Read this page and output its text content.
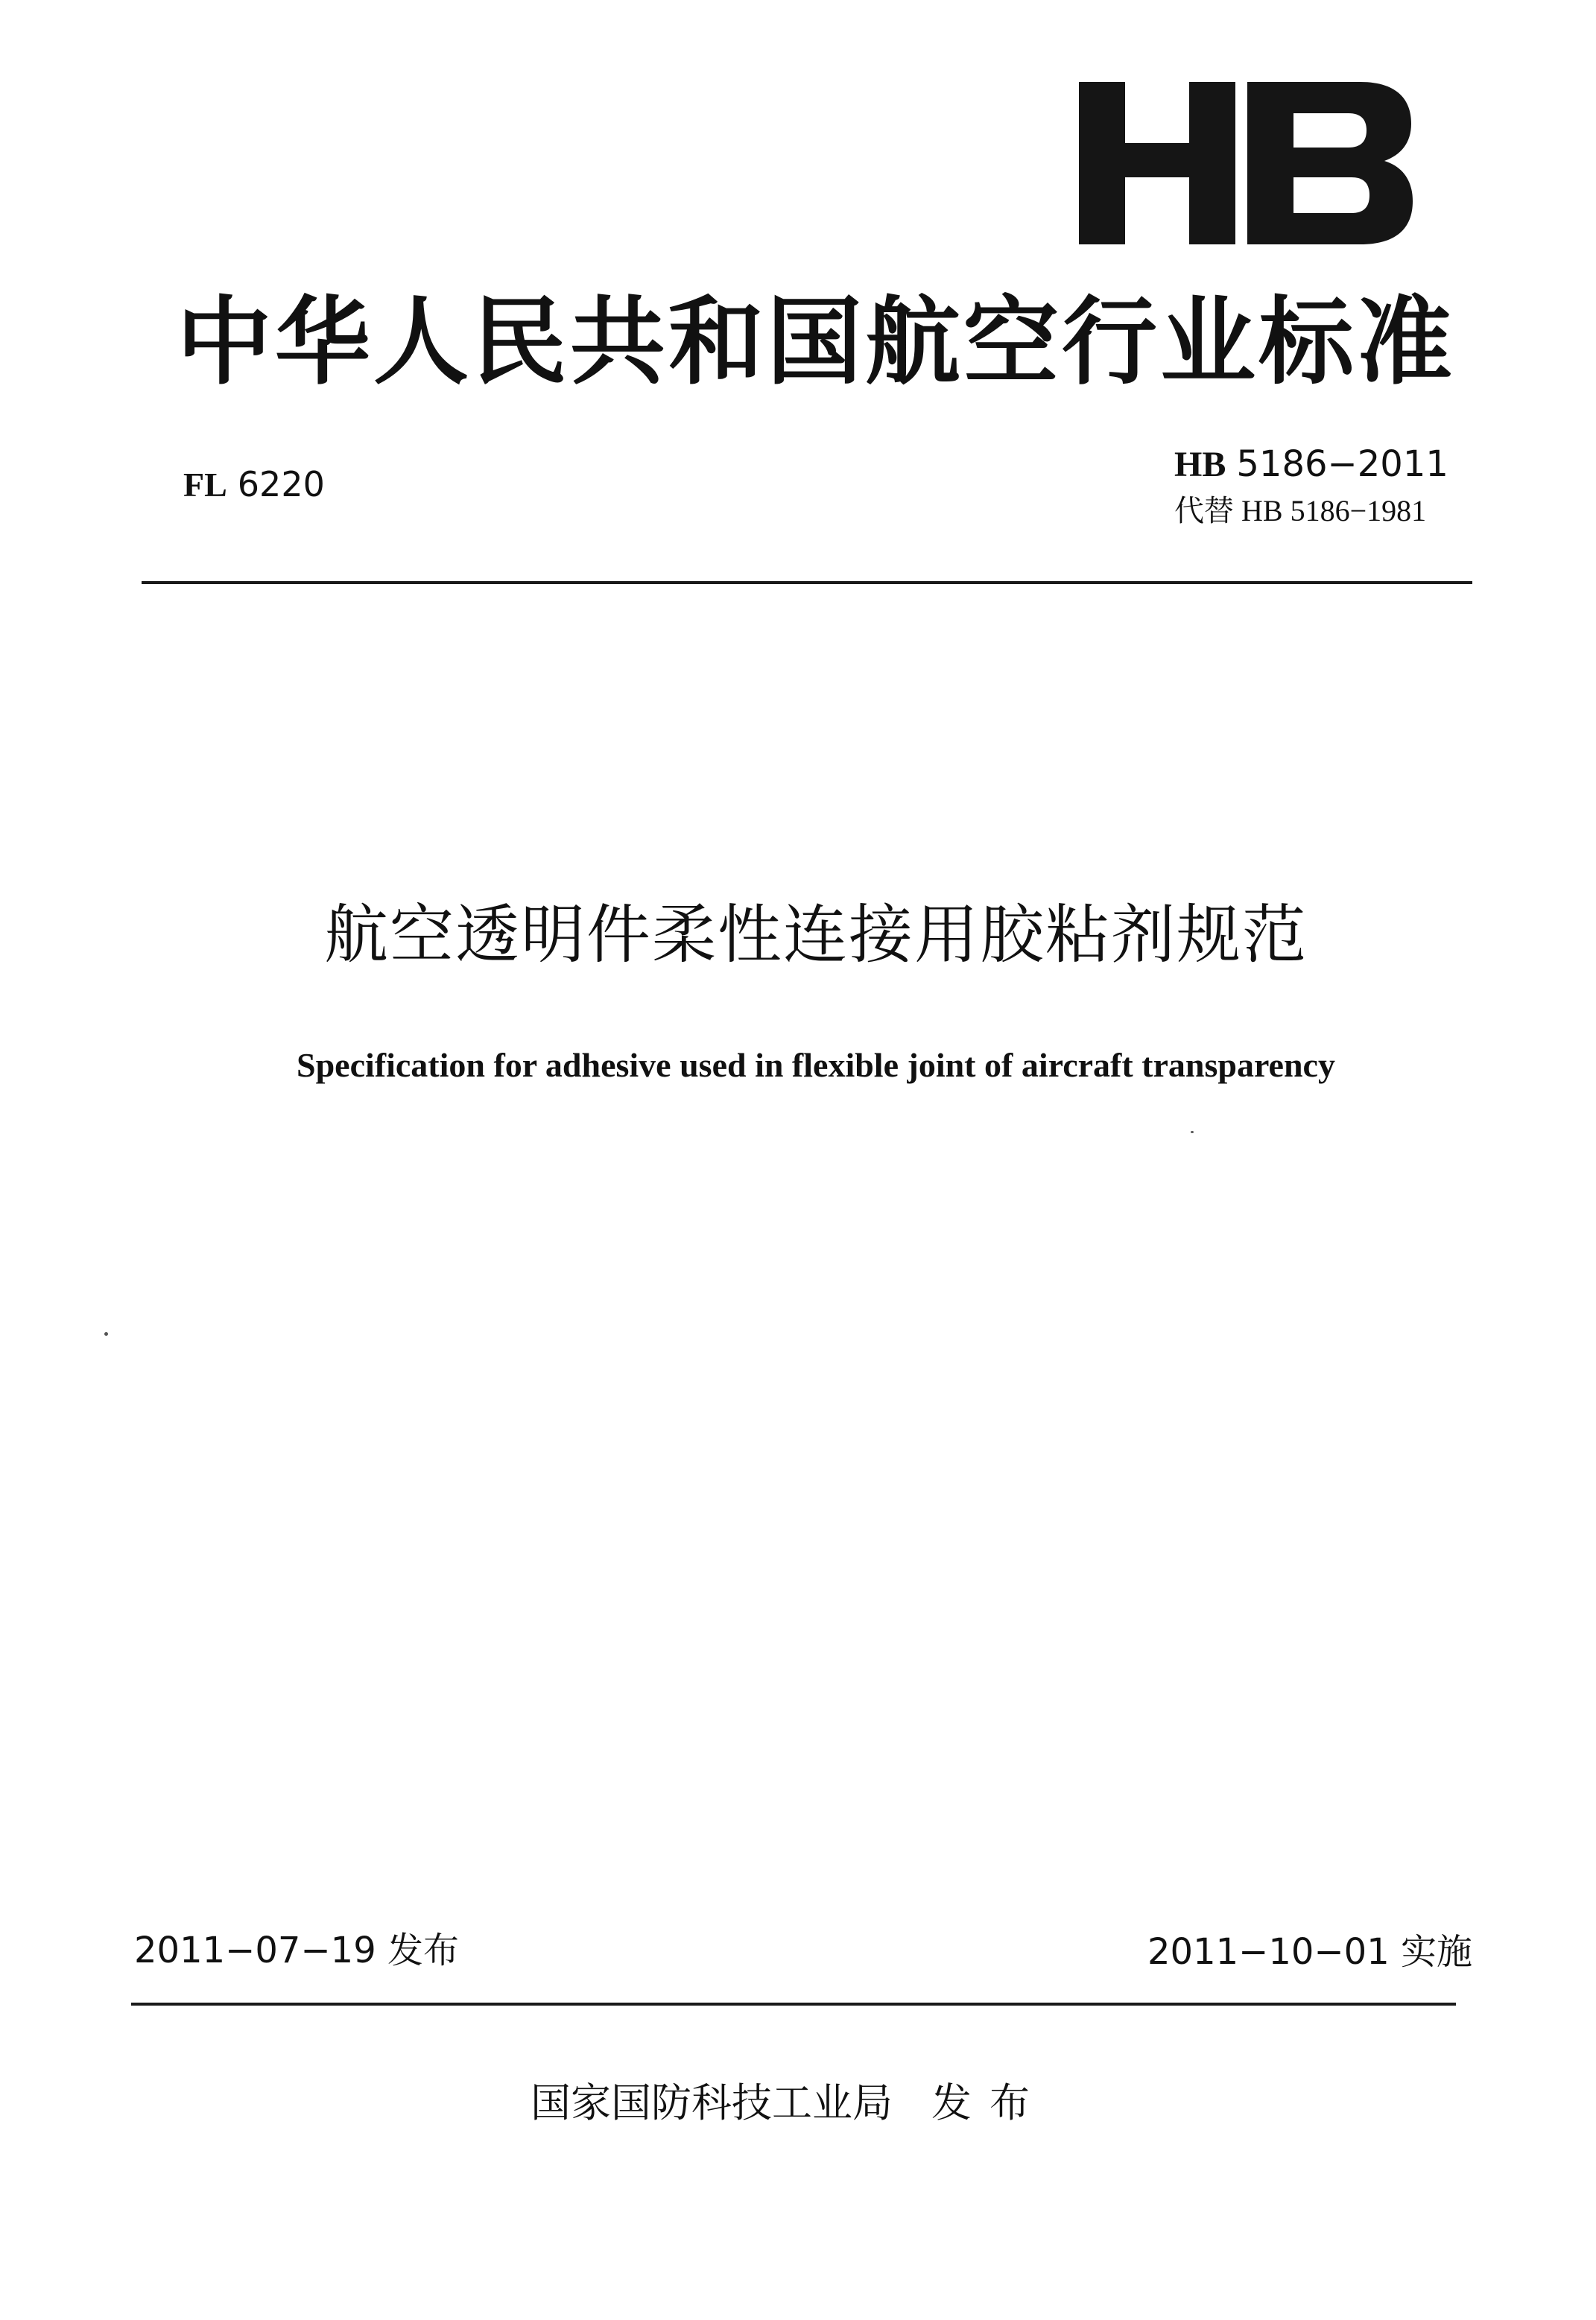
中华人民共和国航空行业标准
FL 6220	HB 5186−2011
代替 HB 5186−1981
航空透明件柔性连接用胶粘剂规范
Specification for adhesive used in flexible joint of aircraft transparency
2011−07−19 发布	2011−10−01 实施
国家国防科技工业局 发布
